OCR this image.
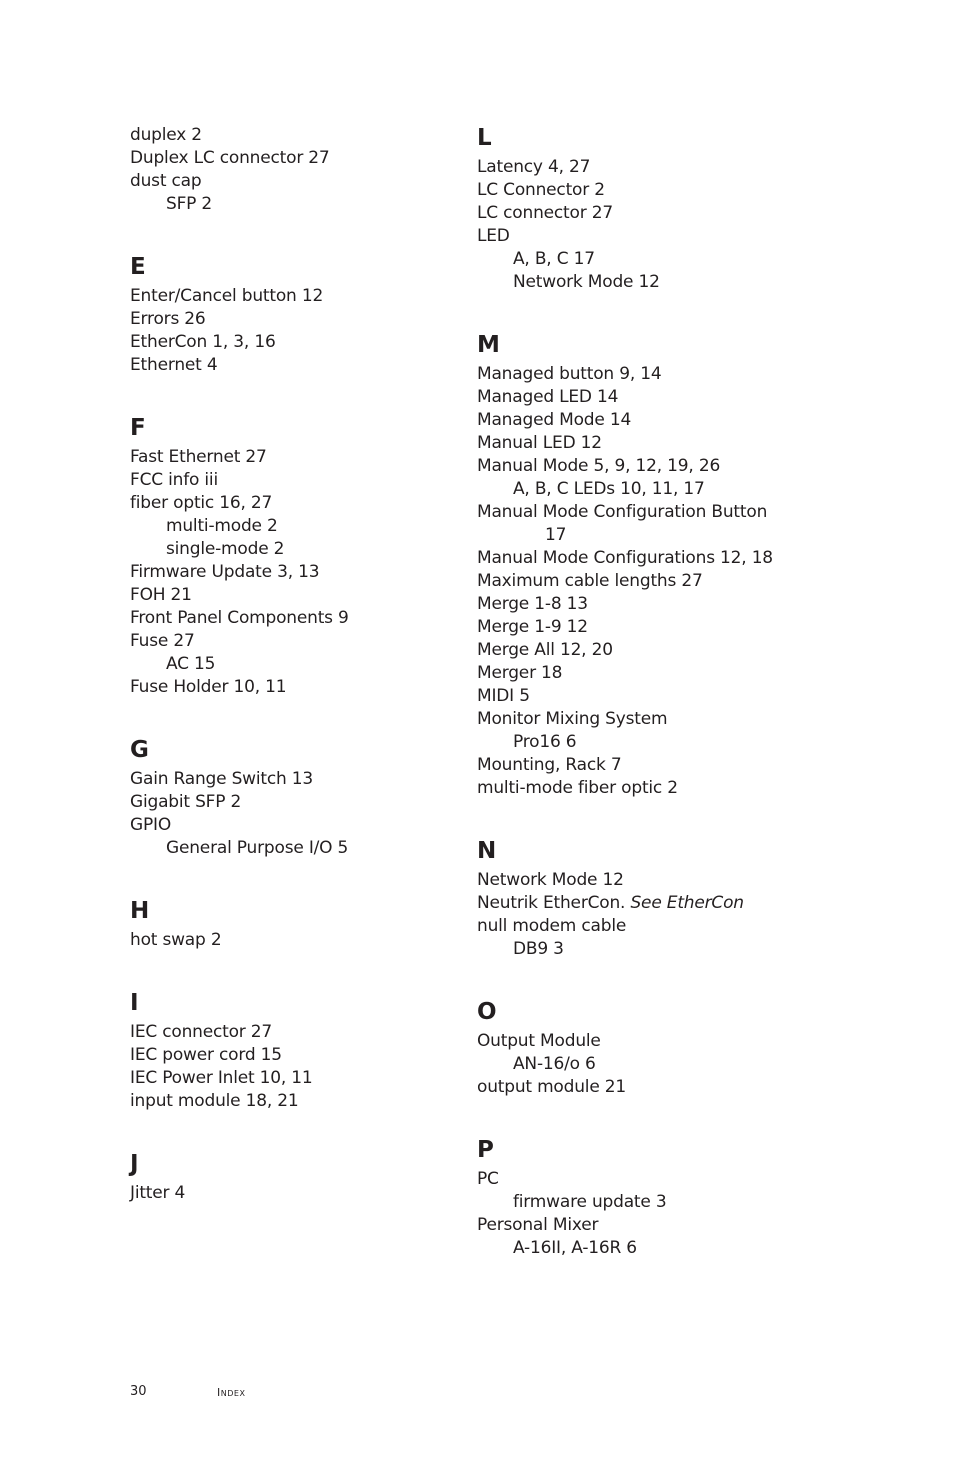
duplex 2
Duplex LC connector 27
dust cap
SFP 2
E
Enter/Cancel button 12
Errors 26
EtherCon 1, 3, 16
Ethernet 4
F
Fast Ethernet 27
FCC info iii
fiber optic 16, 27
multi-mode 2
single-mode 2
Firmware Update 3, 13
FOH 21
Front Panel Components 9
Fuse 27
AC 15
Fuse Holder 10, 11
G
Gain Range Switch 13
Gigabit SFP 2
GPIO
General Purpose I/O 5
H
hot swap 2
I
IEC connector 27
IEC power cord 15
IEC Power Inlet 10, 11
input module 18, 21
J
Jitter 4
L
Latency 4, 27
LC Connector 2
LC connector 27
LED
A, B, C 17
Network Mode 12
M
Managed button 9, 14
Managed LED 14
Managed Mode 14
Manual LED 12
Manual Mode 5, 9, 12, 19, 26
A, B, C LEDs 10, 11, 17
Manual Mode Configuration Button
17
Manual Mode Configurations 12, 18
Maximum cable lengths 27
Merge 1-8 13
Merge 1-9 12
Merge All 12, 20
Merger 18
MIDI 5
Monitor Mixing System
Pro16 6
Mounting, Rack 7
multi-mode fiber optic 2
N
Network Mode 12
Neutrik EtherCon. See EtherCon
null modem cable
DB9 3
O
Output Module
AN-16/o 6
output module 21
P
PC
firmware update 3
Personal Mixer
A-16II, A-16R 6
30	Index
